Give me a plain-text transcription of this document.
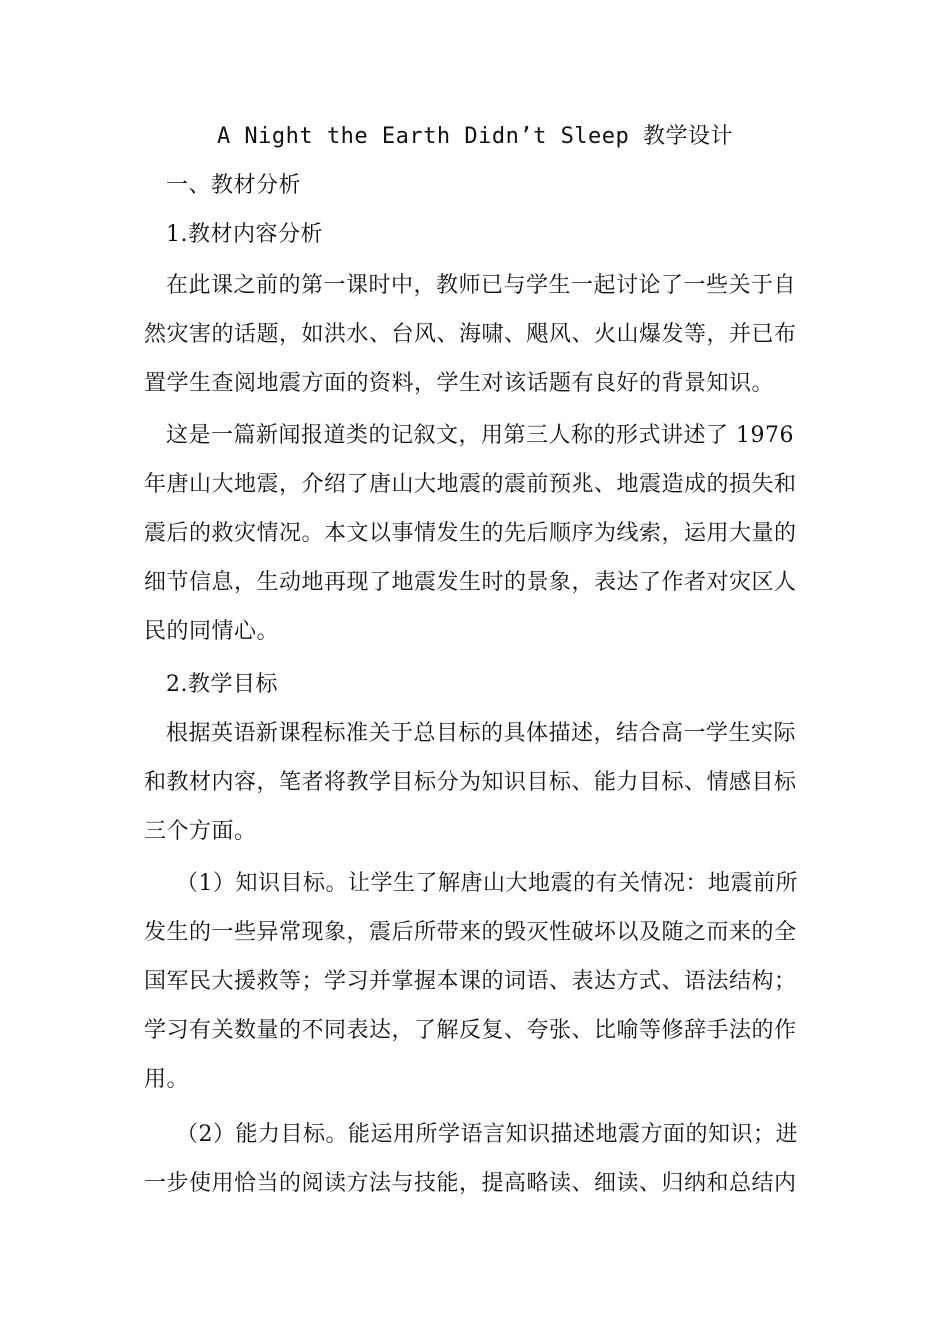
A Night the Earth Didn’t Sleep 教学设计
一、教材分析
1.教材内容分析
在此课之前的第一课时中，教师已与学生一起讨论了一些关于自
然灾害的话题，如洪水、台风、海啸、飓风、火山爆发等，并已布
置学生查阅地震方面的资料，学生对该话题有良好的背景知识。
这是一篇新闻报道类的记叙文，用第三人称的形式讲述了 1976
年唐山大地震，介绍了唐山大地震的震前预兆、地震造成的损失和
震后的救灾情况。本文以事情发生的先后顺序为线索，运用大量的
细节信息，生动地再现了地震发生时的景象，表达了作者对灾区人
民的同情心。
2.教学目标
根据英语新课程标准关于总目标的具体描述，结合高一学生实际
和教材内容，笔者将教学目标分为知识目标、能力目标、情感目标
三个方面。
（1）知识目标。让学生了解唐山大地震的有关情况：地震前所
发生的一些异常现象，震后所带来的毁灭性破坏以及随之而来的全
国军民大援救等；学习并掌握本课的词语、表达方式、语法结构；
学习有关数量的不同表达，了解反复、夸张、比喻等修辞手法的作
用。
（2）能力目标。能运用所学语言知识描述地震方面的知识；进
一步使用恰当的阅读方法与技能，提高略读、细读、归纳和总结内
